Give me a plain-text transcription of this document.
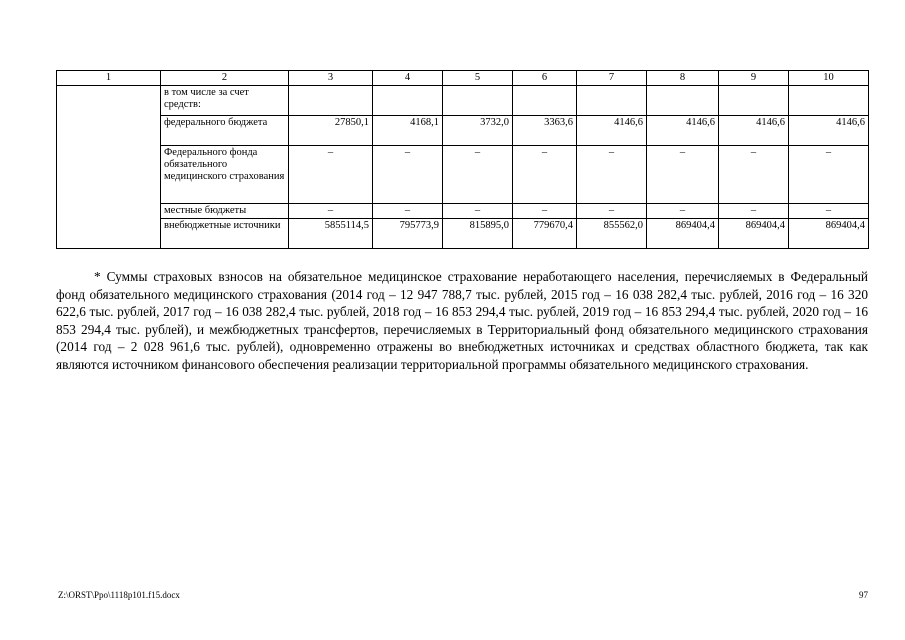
1	2	3	4	5	6	7	8	9	10
	в том числе за счет средств:								
	федерального бюджета	27850,1	4168,1	3732,0	3363,6	4146,6	4146,6	4146,6	4146,6
	Федерального фонда обязательного медицинского страхования	–	–	–	–	–	–	–	–
	местные бюджеты	–	–	–	–	–	–	–	–
	внебюджетные источники	5855114,5	795773,9	815895,0	779670,4	855562,0	869404,4	869404,4	869404,4
* Суммы страховых взносов на обязательное медицинское страхование неработающего населения, перечисляемых в Федеральный фонд обязательного медицинского страхования (2014 год – 12 947 788,7 тыс. рублей, 2015 год – 16 038 282,4 тыс. рублей, 2016 год – 16 320 622,6 тыс. рублей, 2017 год – 16 038 282,4 тыс. рублей, 2018 год – 16 853 294,4 тыс. рублей, 2019 год – 16 853 294,4 тыс. рублей, 2020 год – 16 853 294,4 тыс. рублей), и межбюджетных трансфертов, перечисляемых в Территориальный фонд обязательного медицинского страхования (2014 год – 2 028 961,6 тыс. рублей), одновременно отражены во внебюджетных источниках и средствах областного бюджета, так как являются источником финансового обеспечения реализации территориальной программы обязательного медицинского страхования.
Z:\ORST\Ppo\1118p101.f15.docx	97
